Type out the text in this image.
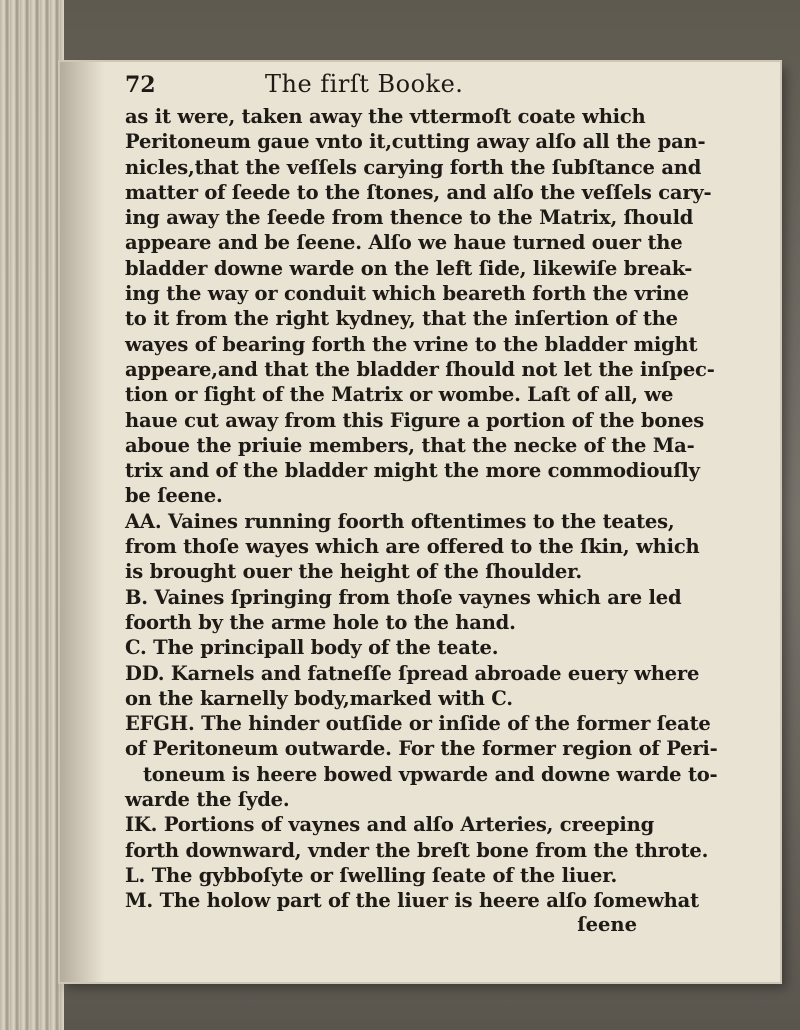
72	The firſt Booke.
as it were, taken away the vttermoſt coate which
Peritoneum gaue vnto it,cutting away alſo all the pan-
nicles,that the veſſels carying forth the ſubſtance and
matter of ſeede to the ſtones, and alſo the veſſels cary-
ing away the ſeede from thence to the Matrix, ſhould
appeare and be ſeene. Alſo we haue turned ouer the
bladder downe warde on the left ſide, likewiſe break-
ing the way or conduit which beareth forth the vrine
to it from the right kydney, that the inſertion of the
wayes of bearing forth the vrine to the bladder might
appeare,and that the bladder ſhould not let the inſpec-
tion or ſight of the Matrix or wombe. Laſt of all, we
haue cut away from this Figure a portion of the bones
aboue the priuie members, that the necke of the Ma-
trix and of the bladder might the more commodiouſly
be ſeene.
AA. Vaines running foorth oftentimes to the teates,
from thoſe wayes which are offered to the ſkin, which
is brought ouer the height of the ſhoulder.
B. Vaines ſpringing from thoſe vaynes which are led
foorth by the arme hole to the hand.
C. The principall body of the teate.
DD. Karnels and fatneſſe ſpread abroade euery where
on the karnelly body,marked with C.
EFGH. The hinder outſide or inſide of the former ſeate
of Peritoneum outwarde. For the former region of Peri-
toneum is heere bowed vpwarde and downe warde to-
warde the ſyde.
IK. Portions of vaynes and alſo Arteries, creeping
forth downward, vnder the breſt bone from the throte.
L. The gybboſyte or ſwelling ſeate of the liuer.
M. The holow part of the liuer is heere alſo ſomewhat
ſeene
